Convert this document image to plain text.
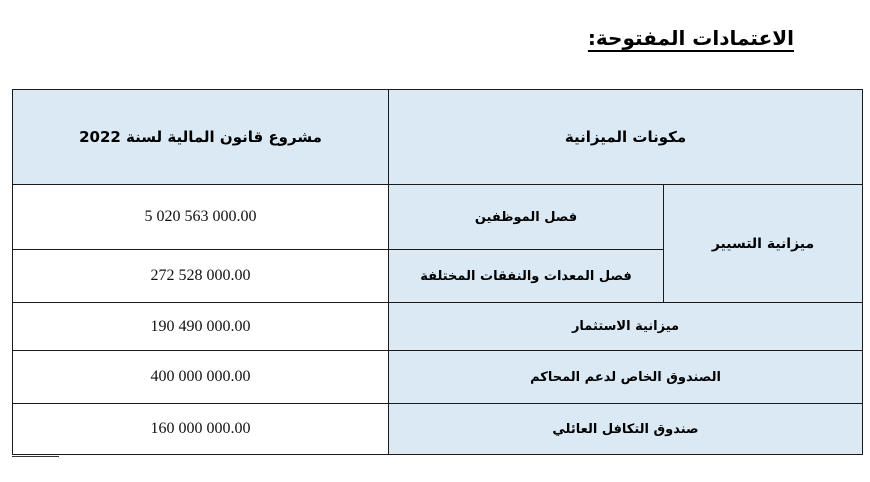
الاعتمادات المفتوحة:
مشروع قانون المالية لسنة 2022	مكونات الميزانية	
5 020 563 000.00	فصل الموظفين	ميزانية التسيير
272 528 000.00	فصل المعدات والنفقات المختلفة	
190 490 000.00	ميزانية الاستثمار	
400 000 000.00	الصندوق الخاص لدعم المحاكم	
160 000 000.00	صندوق التكافل العائلي	
